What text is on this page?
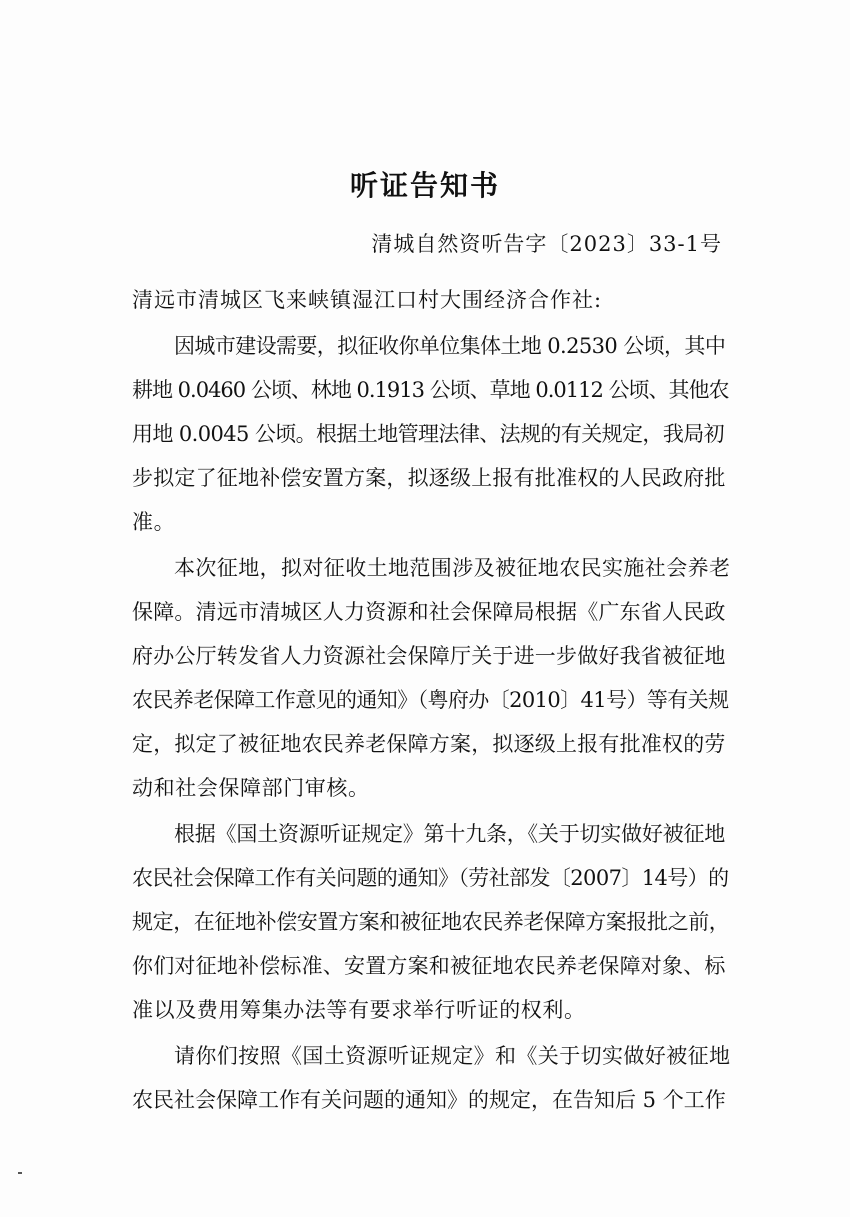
听证告知书
清城自然资听告字〔2023〕33-1号
清远市清城区飞来峡镇湿江口村大围经济合作社:
因城市建设需要，拟征收你单位集体土地 0.2530 公顷，其中
耕地 0.0460 公顷、林地 0.1913 公顷、草地 0.0112 公顷、其他农
用地 0.0045 公顷。根据土地管理法律、法规的有关规定，我局初
步拟定了征地补偿安置方案，拟逐级上报有批准权的人民政府批
准。
本次征地，拟对征收土地范围涉及被征地农民实施社会养老
保障。清远市清城区人力资源和社会保障局根据《广东省人民政
府办公厅转发省人力资源社会保障厅关于进一步做好我省被征地
农民养老保障工作意见的通知》（粤府办〔2010〕41号）等有关规
定，拟定了被征地农民养老保障方案，拟逐级上报有批准权的劳
动和社会保障部门审核。
根据《国土资源听证规定》第十九条，《关于切实做好被征地
农民社会保障工作有关问题的通知》（劳社部发〔2007〕14号）的
规定，在征地补偿安置方案和被征地农民养老保障方案报批之前，
你们对征地补偿标准、安置方案和被征地农民养老保障对象、标
准以及费用筹集办法等有要求举行听证的权利。
请你们按照《国土资源听证规定》和《关于切实做好被征地
农民社会保障工作有关问题的通知》的规定，在告知后 5 个工作
